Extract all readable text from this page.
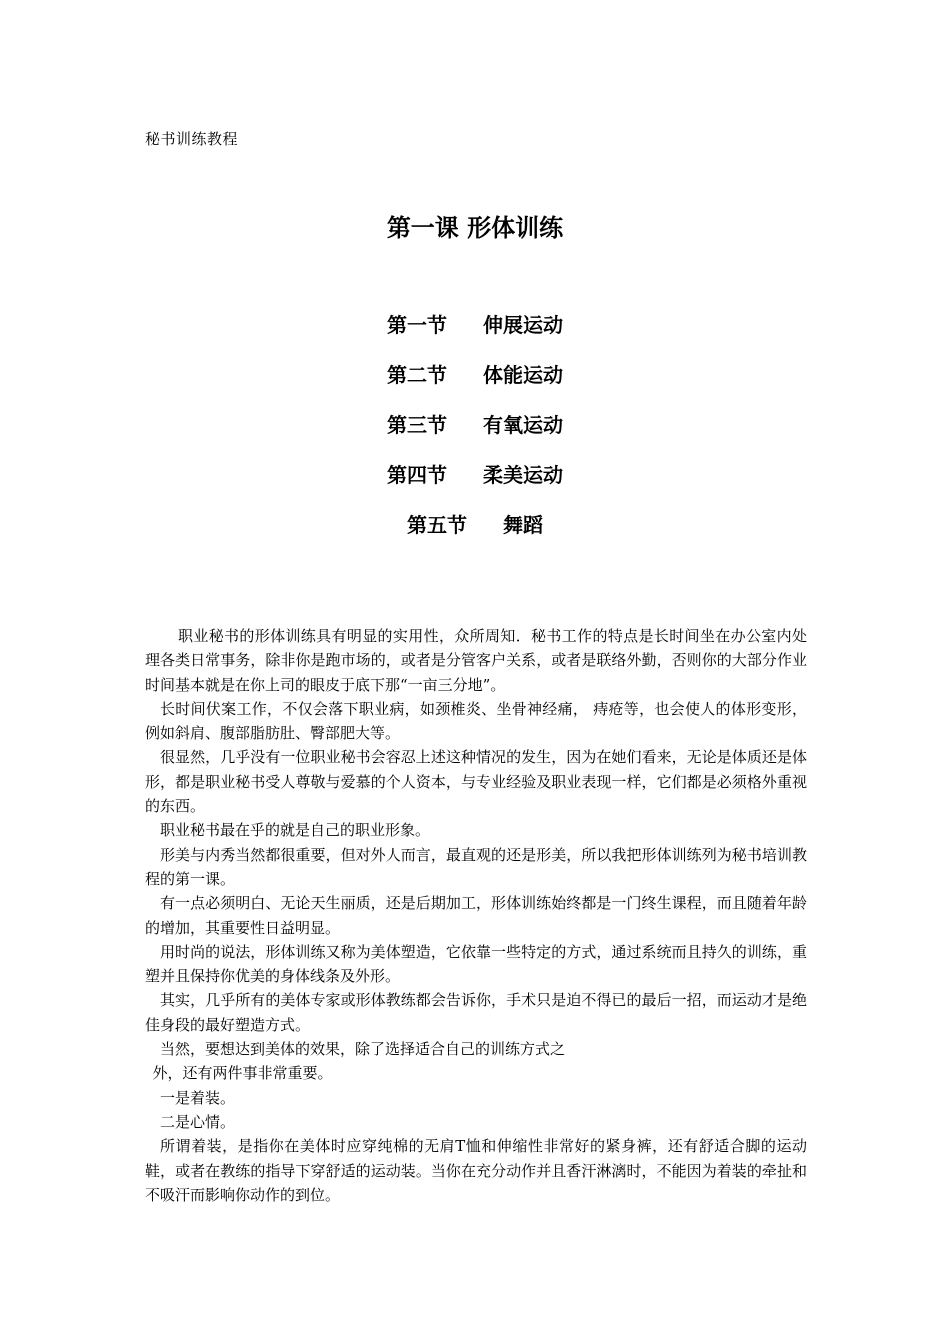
秘书训练教程
第一课 形体训练
第一节 伸展运动
第二节 体能运动
第三节 有氧运动
第四节 柔美运动
第五节 舞蹈

职业秘书的形体训练具有明显的实用性，众所周知．秘书工作的特点是长时间坐在办公室内处理各类日常事务，除非你是跑市场的，或者是分管客户关系，或者是联络外勤，否则你的大部分作业时间基本就是在你上司的眼皮于底下那“一亩三分地”。

长时间伏案工作，不仅会落下职业病，如颈椎炎、坐骨神经痛， 痔疮等，也会使人的体形变形，例如斜肩、腹部脂肪肚、臀部肥大等。

很显然，几乎没有一位职业秘书会容忍上述这种情况的发生，因为在她们看来，无论是体质还是体形，都是职业秘书受人尊敬与爱慕的个人资本，与专业经验及职业表现一样，它们都是必须格外重视的东西。

职业秘书最在乎的就是自己的职业形象。

形美与内秀当然都很重要，但对外人而言，最直观的还是形美，所以我把形体训练列为秘书培训教程的第一课。

有一点必须明白、无论天生丽质，还是后期加工，形体训练始终都是一门终生课程，而且随着年龄的增加，其重要性日益明显。

用时尚的说法，形体训练又称为美体塑造，它依靠一些特定的方式，通过系统而且持久的训练，重塑并且保持你优美的身体线条及外形。

其实，几乎所有的美体专家或形体教练都会告诉你，手术只是迫不得已的最后一招，而运动才是绝佳身段的最好塑造方式。

当然，要想达到美体的效果，除了选择适合自己的训练方式之

外，还有两件事非常重要。

一是着装。

二是心情。

所谓着装，是指你在美体时应穿纯棉的无肩T恤和伸缩性非常好的紧身裤，还有舒适合脚的运动鞋，或者在教练的指导下穿舒适的运动装。当你在充分动作并且香汗淋漓时，不能因为着装的牵扯和不吸汗而影响你动作的到位。
